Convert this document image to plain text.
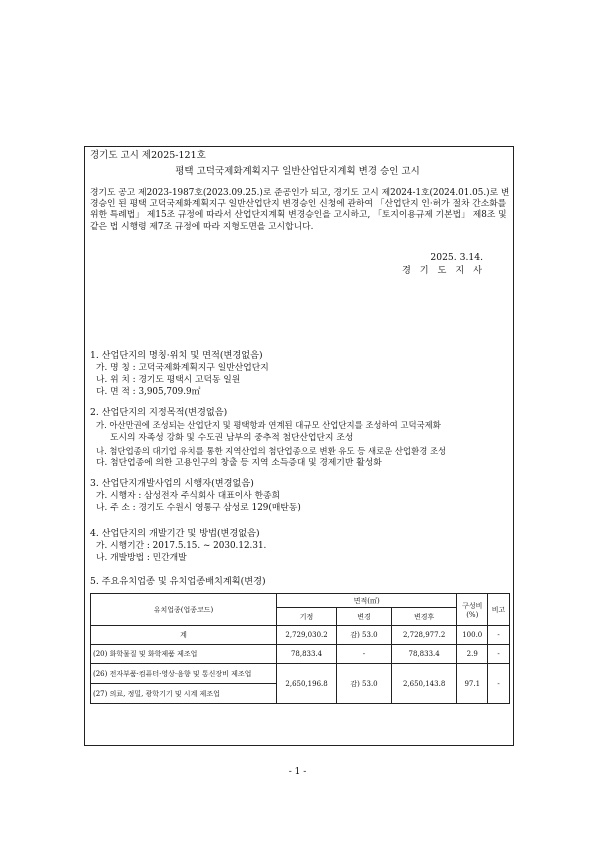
경기도 고시 제2025-121호
평택 고덕국제화계획지구 일반산업단지계획 변경 승인 고시
경기도 공고 제2023-1987호(2023.09.25.)로 준공인가 되고, 경기도 고시 제2024-1호(2024.01.05.)로 변경승인 된 평택 고덕국제화계획지구 일반산업단지 변경승인 신청에 관하여 「산업단지 인·허가 절차 간소화를 위한 특례법」 제15조 규정에 따라서 산업단지계획 변경승인을 고시하고, 「토지이용규제 기본법」 제8조 및 같은 법 시행령 제7조 규정에 따라 지형도면을 고시합니다.
2025. 3.14.
경 기 도 지 사
1. 산업단지의 명칭·위치 및 면적(변경없음)
가. 명 칭 : 고덕국제화계획지구 일반산업단지
나. 위 치 : 경기도 평택시 고덕동 일원
다. 면 적 : 3,905,709.9㎡
2. 산업단지의 지정목적(변경없음)
가. 아산만권에 조성되는 산업단지 및 평택항과 연계된 대규모 산업단지를 조성하여 고덕국제화
도시의 자족성 강화 및 수도권 남부의 중추적 첨단산업단지 조성
나. 첨단업종의 대기업 유치를 통한 지역산업의 첨단업종으로 변환 유도 등 새로운 산업환경 조성
다. 첨단업종에 의한 고용인구의 창출 등 지역 소득증대 및 경제기반 활성화
3. 산업단지개발사업의 시행자(변경없음)
가. 시행자 : 삼성전자 주식회사 대표이사 한종희
나. 주 소 : 경기도 수원시 영통구 삼성로 129(매탄동)
4. 산업단지의 개발기간 및 방법(변경없음)
가. 시행기간 : 2017.5.15. ~ 2030.12.31.
나. 개발방법 : 민간개발
5. 주요유치업종 및 유치업종배치계획(변경)
유치업종(업종코드)	면적(㎡)			구성비 (%)	비고
	기정	변경	변경후		
계	2,729,030.2	감) 53.0	2,728,977.2	100.0	-
(20) 화학물질 및 화학제품 제조업	78,833.4	-	78,833.4	2.9	-
(26) 전자부품·컴퓨터·영상·음향 및 통신장비 제조업	2,650,196.8	감) 53.0	2,650,143.8	97.1	-
(27) 의료, 정밀, 광학기기 및 시계 제조업					
- 1 -
